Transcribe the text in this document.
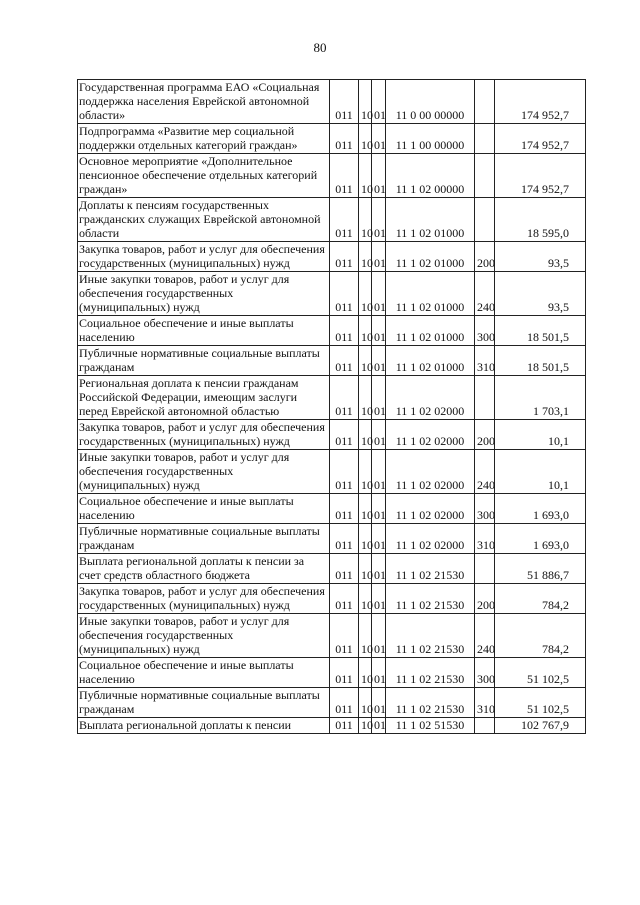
80
Государственная программа ЕАО «Социальная поддержка населения Еврейской автономной области»	011	10	01	11 0 00 00000		174 952,7
Подпрограмма «Развитие мер социальной поддержки отдельных категорий граждан»	011	10	01	11 1 00 00000		174 952,7
Основное мероприятие «Дополнительное пенсионное обеспечение отдельных категорий граждан»	011	10	01	11 1 02 00000		174 952,7
Доплаты к пенсиям государственных гражданских служащих Еврейской автономной области	011	10	01	11 1 02 01000		18 595,0
Закупка товаров, работ и услуг для обеспечения государственных (муниципальных) нужд	011	10	01	11 1 02 01000	200	93,5
Иные закупки товаров, работ и услуг для обеспечения государственных (муниципальных) нужд	011	10	01	11 1 02 01000	240	93,5
Социальное обеспечение и иные выплаты населению	011	10	01	11 1 02 01000	300	18 501,5
Публичные нормативные социальные выплаты гражданам	011	10	01	11 1 02 01000	310	18 501,5
Региональная доплата к пенсии гражданам Российской Федерации, имеющим заслуги перед Еврейской автономной областью	011	10	01	11 1 02 02000		1 703,1
Закупка товаров, работ и услуг для обеспечения государственных (муниципальных) нужд	011	10	01	11 1 02 02000	200	10,1
Иные закупки товаров, работ и услуг для обеспечения государственных (муниципальных) нужд	011	10	01	11 1 02 02000	240	10,1
Социальное обеспечение и иные выплаты населению	011	10	01	11 1 02 02000	300	1 693,0
Публичные нормативные социальные выплаты гражданам	011	10	01	11 1 02 02000	310	1 693,0
Выплата региональной доплаты к пенсии за счет средств областного бюджета	011	10	01	11 1 02 21530		51 886,7
Закупка товаров, работ и услуг для обеспечения государственных (муниципальных) нужд	011	10	01	11 1 02 21530	200	784,2
Иные закупки товаров, работ и услуг для обеспечения государственных (муниципальных) нужд	011	10	01	11 1 02 21530	240	784,2
Социальное обеспечение и иные выплаты населению	011	10	01	11 1 02 21530	300	51 102,5
Публичные нормативные социальные выплаты гражданам	011	10	01	11 1 02 21530	310	51 102,5
Выплата региональной доплаты к пенсии	011	10	01	11 1 02 51530		102 767,9
